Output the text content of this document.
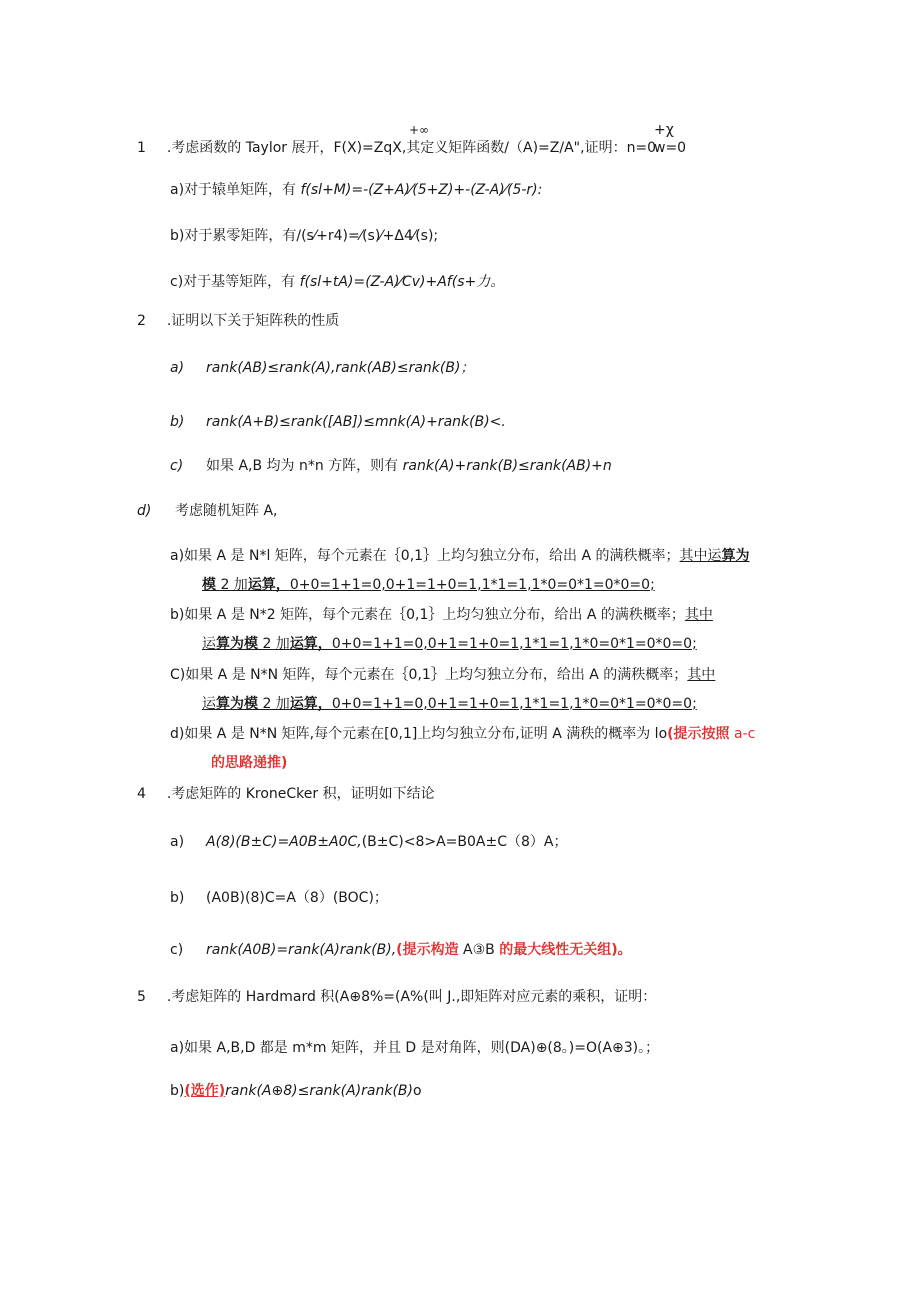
+∞	+χ
1 .考虑函数的 Taylor 展开，F(X)=ZqX,其定义矩阵函数/（A)=Z/A",证明：n=0
w=0
a)对于辕单矩阵，有 f(sl+M)=-(Z+A)⁄(5+Z)+-(Z-A)⁄(5-r):
b)对于累零矩阵，有/(s⁄+r4)=⁄(s)⁄+Δ4⁄(s);
c)对于基等矩阵，有 f(sl+tA)=(Z-A)⁄Cv)+Af(s+力。
2 .证明以下关于矩阵秩的性质
a) rank(AB)≤rank(A),rank(AB)≤rank(B)；
b) rank(A+B)≤rank([AB])≤mnk(A)+rank(B)<.
c) 如果 A,B 均为 n*n 方阵，则有 rank(A)+rank(B)≤rank(AB)+n
d) 考虑随机矩阵 A,
a)如果 A 是 N*l 矩阵，每个元素在｛0,1｝上均匀独立分布，给出 A 的满秩概率；其中运算为
模 2 加运算，0+0=1+1=0,0+1=1+0=1,1*1=1,1*0=0*1=0*0=0;
b)如果 A 是 N*2 矩阵，每个元素在｛0,1｝上均匀独立分布，给出 A 的满秩概率；其中
运算为模 2 加运算，0+0=1+1=0,0+1=1+0=1,1*1=1,1*0=0*1=0*0=0;
C)如果 A 是 N*N 矩阵，每个元素在｛0,1｝上均匀独立分布，给出 A 的满秩概率；其中
运算为模 2 加运算，0+0=1+1=0,0+1=1+0=1,1*1=1,1*0=0*1=0*0=0;
d)如果 A 是 N*N 矩阵,每个元素在[0,1]上均匀独立分布,证明 A 满秩的概率为 lo(提示按照 a-c
的思路递推)
4 .考虑矩阵的 KroneCker 积，证明如下结论
a) A(8)(B±C)=A0B±A0C,(B±C)<8>A=B0A±C（8）A；
b) (A0B)(8)C=A（8）(BOC)；
c) rank(A0B)=rank(A)rank(B),(提示构造 A③B 的最大线性无关组)。
5 .考虑矩阵的 Hardmard 积(A⊕8%=(A%(叫 J.,即矩阵对应元素的乘积，证明：
a)如果 A,B,D 都是 m*m 矩阵，并且 D 是对角阵，则(DA)⊕(8。)=O(A⊕3)。；
b)(选作)rank(A⊕8)≤rank(A)rank(B)o
